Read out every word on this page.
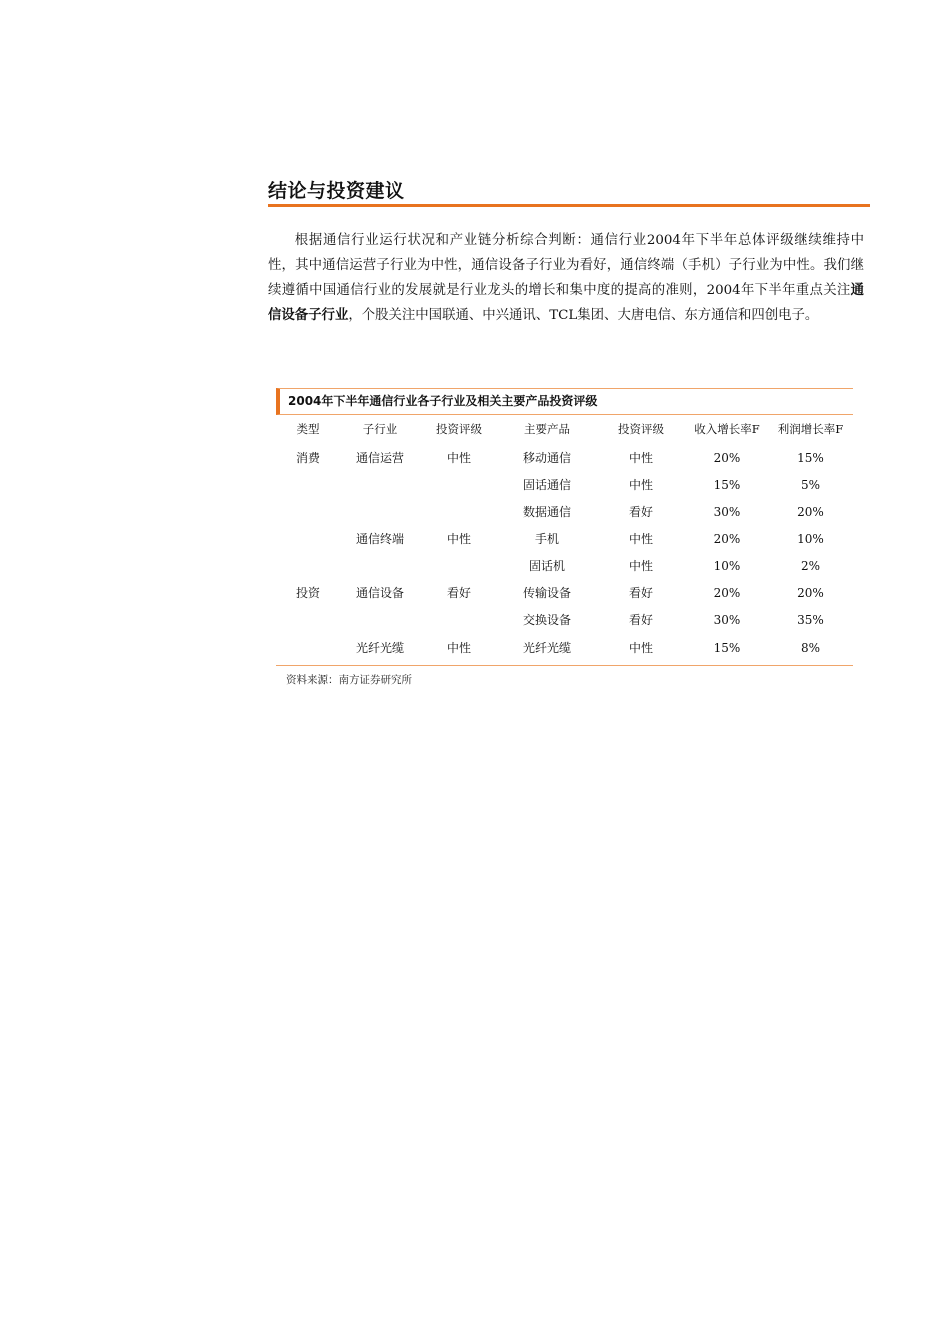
结论与投资建议

根据通信行业运行状况和产业链分析综合判断：通信行业2004年下半年总体评级继续维持中性，其中通信运营子行业为中性，通信设备子行业为看好，通信终端（手机）子行业为中性。我们继续遵循中国通信行业的发展就是行业龙头的增长和集中度的提高的准则，2004年下半年重点关注通信设备子行业，个股关注中国联通、中兴通讯、TCL集团、大唐电信、东方通信和四创电子。

2004年下半年通信行业各子行业及相关主要产品投资评级
类型	子行业	投资评级	主要产品	投资评级	收入增长率F	利润增长率F
消费	通信运营	中性	移动通信	中性	20%	15%
			固话通信	中性	15%	5%
			数据通信	看好	30%	20%
	通信终端	中性	手机	中性	20%	10%
			固话机	中性	10%	2%
投资	通信设备	看好	传输设备	看好	20%	20%
			交换设备	看好	30%	35%
	光纤光缆	中性	光纤光缆	中性	15%	8%
资料来源：南方证券研究所
